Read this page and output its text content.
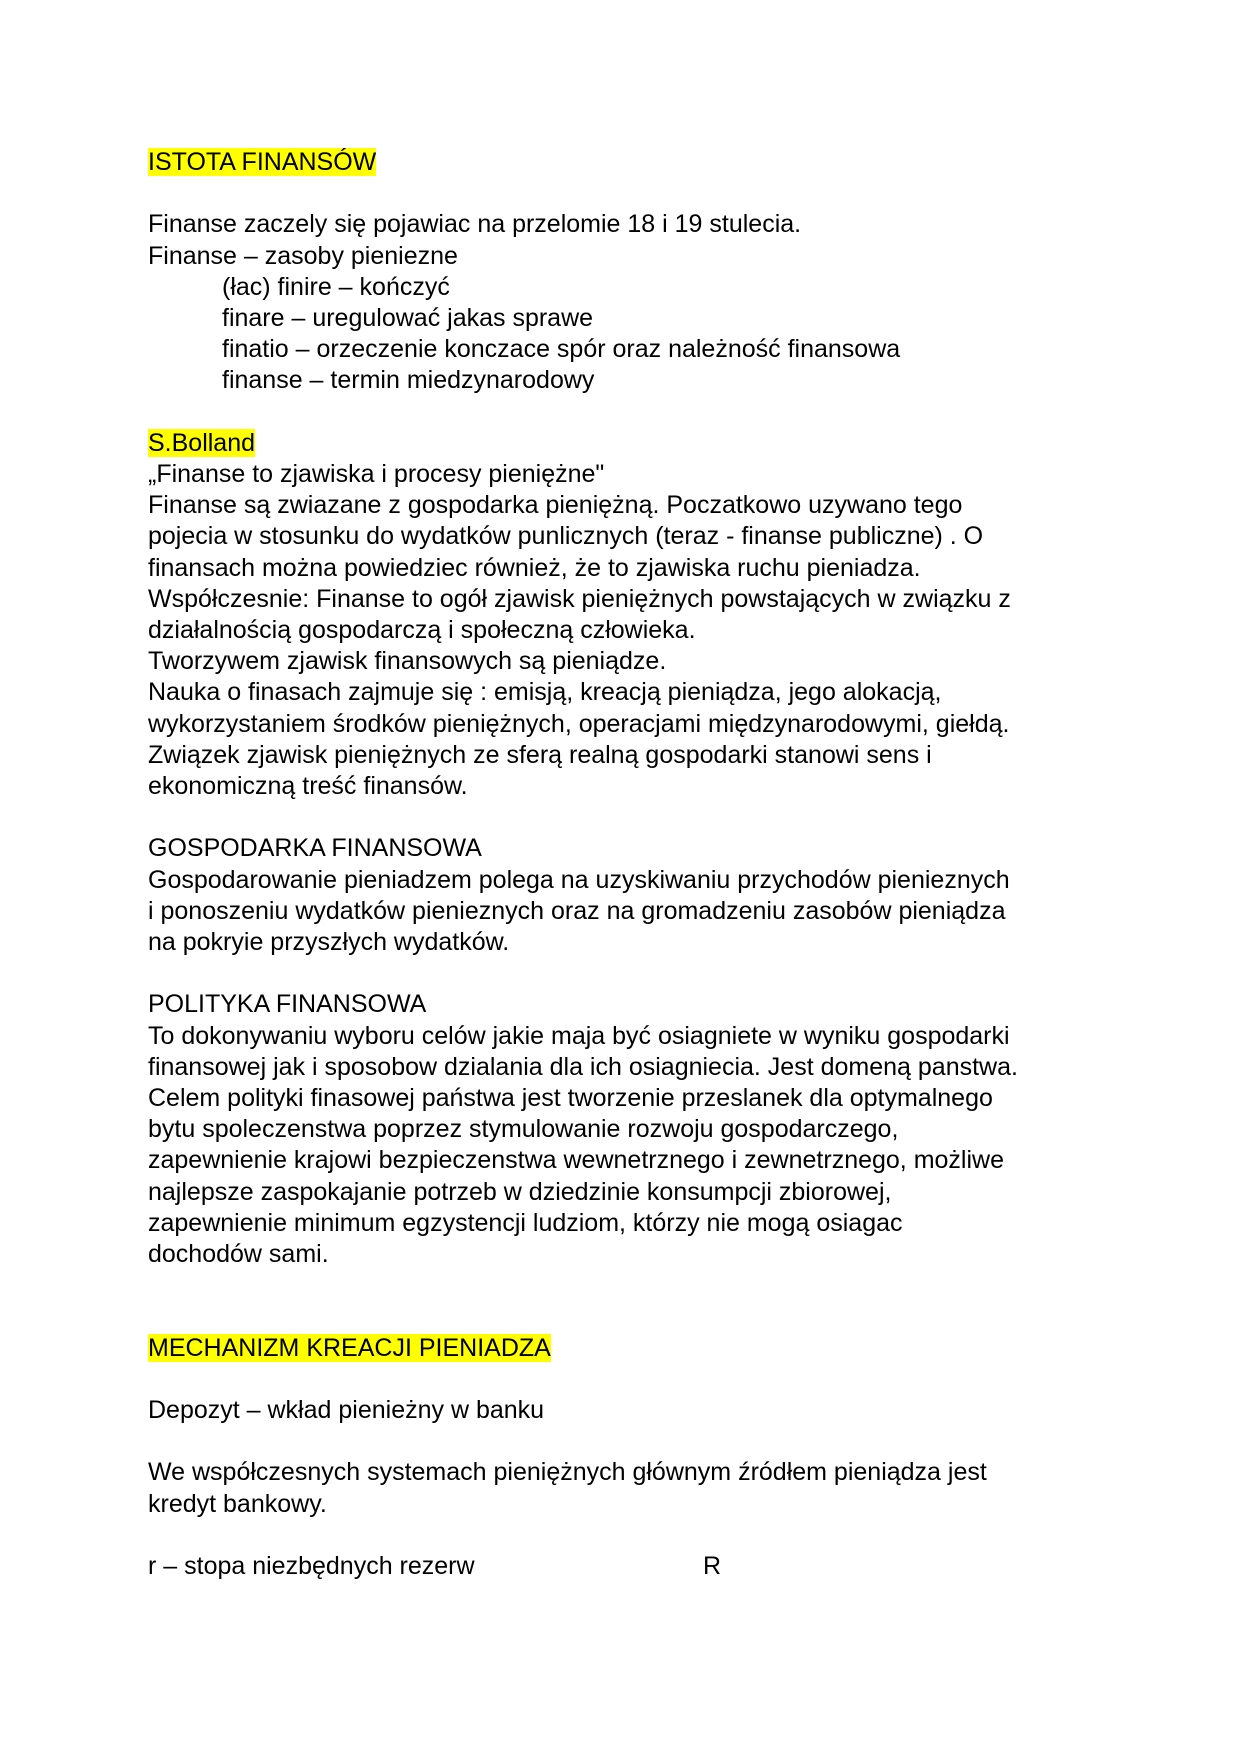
ISTOTA FINANSÓW
Finanse zaczely się pojawiac na przelomie 18 i 19 stulecia.
Finanse – zasoby pieniezne
(łac) finire – kończyć
finare – uregulować jakas sprawe
finatio – orzeczenie konczace spór oraz należność finansowa
finanse – termin miedzynarodowy
S.Bolland
„Finanse to zjawiska i procesy pieniężne"
Finanse są zwiazane z gospodarka pieniężną. Poczatkowo uzywano tego
pojecia w stosunku do wydatków punlicznych (teraz - finanse publiczne) . O
finansach można powiedziec również, że to zjawiska ruchu pieniadza.
Współczesnie: Finanse to ogół zjawisk pieniężnych powstających w związku z
działalnością gospodarczą i społeczną człowieka.
Tworzywem zjawisk finansowych są pieniądze.
Nauka o finasach zajmuje się : emisją, kreacją pieniądza, jego alokacją,
wykorzystaniem środków pieniężnych, operacjami międzynarodowymi, giełdą.
Związek zjawisk pieniężnych ze sferą realną gospodarki stanowi sens i
ekonomiczną treść finansów.
GOSPODARKA FINANSOWA
Gospodarowanie pieniadzem polega na uzyskiwaniu przychodów pienieznych
i ponoszeniu wydatków pienieznych oraz na gromadzeniu zasobów pieniądza
na pokryie przyszłych wydatków.
POLITYKA FINANSOWA
To dokonywaniu wyboru celów jakie maja być osiagniete w wyniku gospodarki
finansowej jak i sposobow dzialania dla ich osiagniecia. Jest domeną panstwa.
Celem polityki finasowej państwa jest tworzenie przeslanek dla optymalnego
bytu spoleczenstwa poprzez stymulowanie rozwoju gospodarczego,
zapewnienie krajowi bezpieczenstwa wewnetrznego i zewnetrznego, możliwe
najlepsze zaspokajanie potrzeb w dziedzinie konsumpcji zbiorowej,
zapewnienie minimum egzystencji ludziom, którzy nie mogą osiagac
dochodów sami.
MECHANIZM KREACJI PIENIADZA
Depozyt – wkład pienieżny w banku
We współczesnych systemach pieniężnych głównym źródłem pieniądza jest
kredyt bankowy.
r – stopa niezbędnych rezerw	R
